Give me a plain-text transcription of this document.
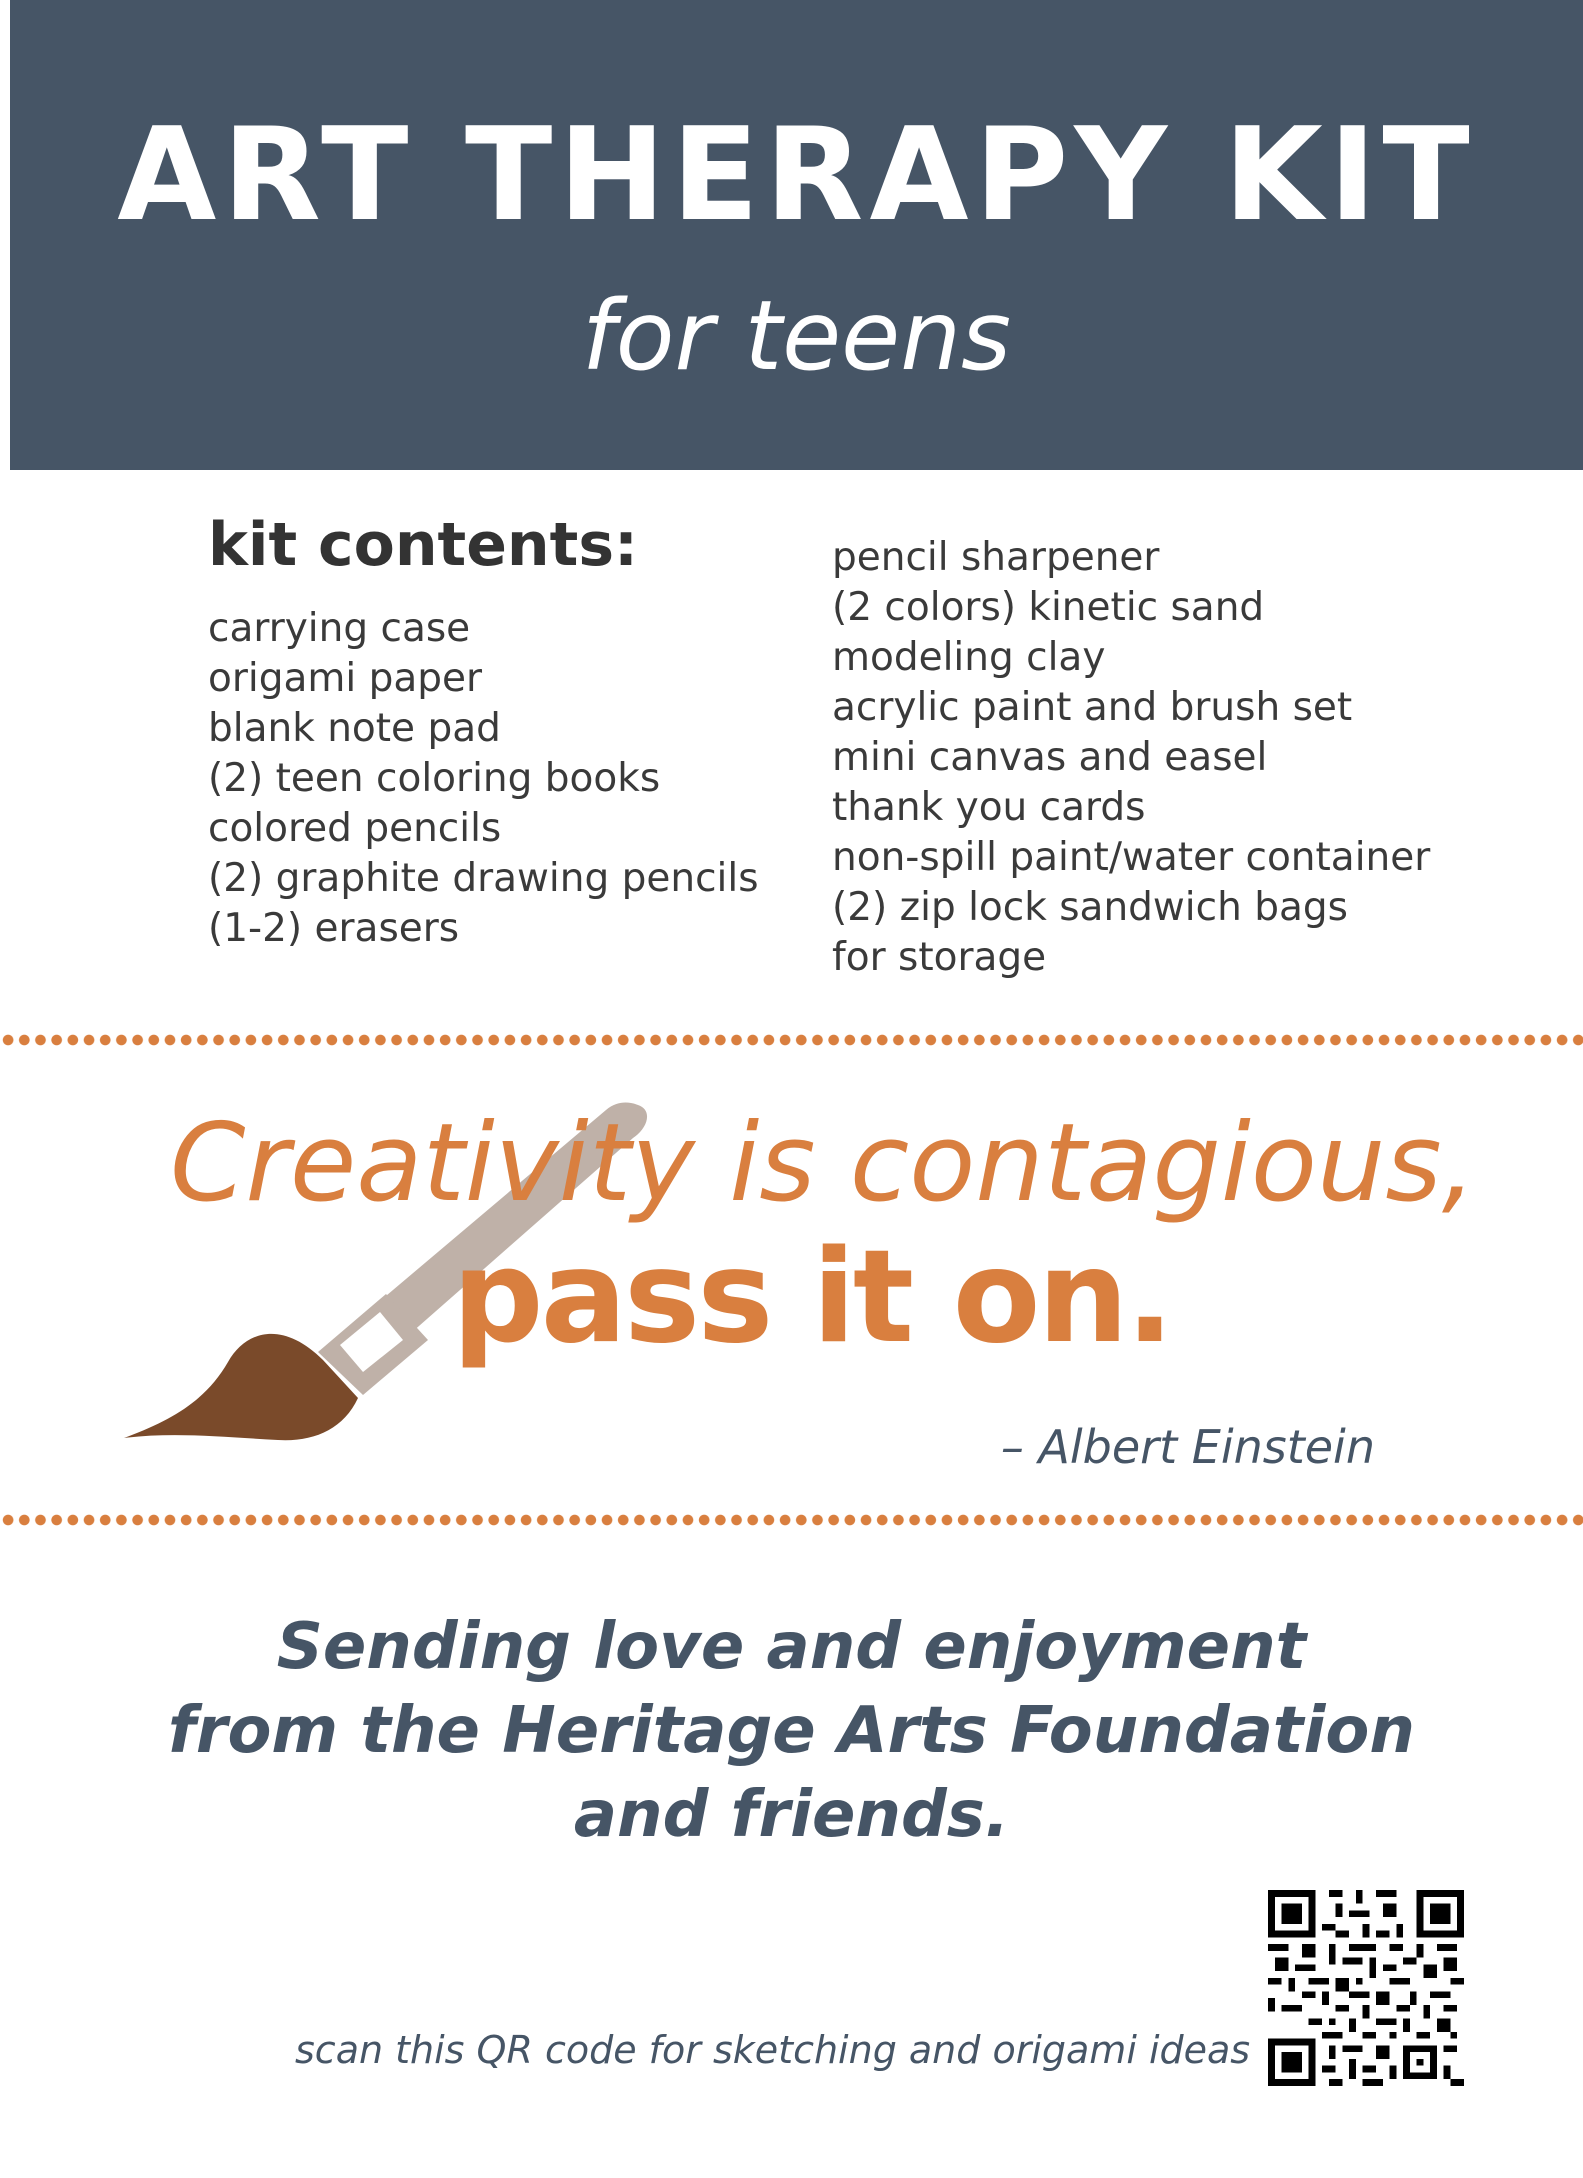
ART THERAPY KIT
for teens
kit contents:
carrying case
origami paper
blank note pad
(2) teen coloring books
colored pencils
(2) graphite drawing pencils
(1-2) erasers
pencil sharpener
(2 colors) kinetic sand
modeling clay
acrylic paint and brush set
mini canvas and easel
thank you cards
non-spill paint/water container
(2) zip lock sandwich bags
for storage
Creativity is contagious,
pass it on.
– Albert Einstein
Sending love and enjoyment
from the Heritage Arts Foundation
and friends.
scan this QR code for sketching and origami ideas
